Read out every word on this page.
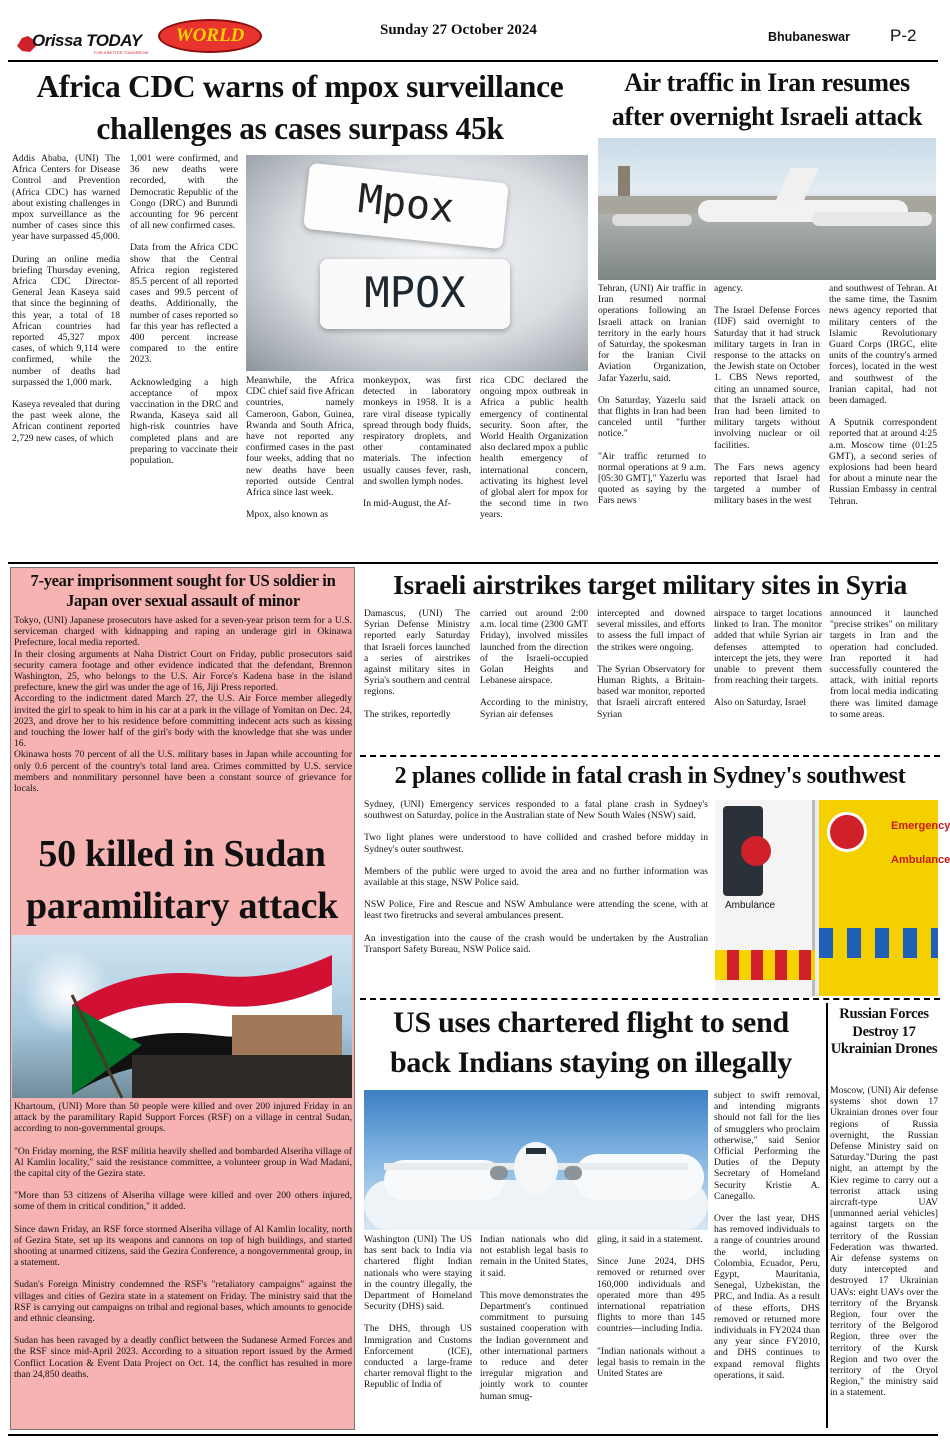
Orissa TODAY
FOR A BETTER TOMORROW
WORLD	Sunday 27 October 2024	Bhubaneswar P-2
Africa CDC warns of mpox surveillance challenges as cases surpass 45k

Addis Ababa, (UNI) The Africa Centers for Disease Control and Prevention (Africa CDC) has warned about existing challenges in mpox surveillance as the number of cases since this year have surpassed 45,000.

During an online media briefing Thursday evening, Africa CDC Director-General Jean Kaseya said that since the beginning of this year, a total of 18 African countries had reported 45,327 mpox cases, of which 9,114 were confirmed, while the number of deaths had surpassed the 1,000 mark.

Kaseya revealed that during the past week alone, the African continent reported 2,729 new cases, of which

1,001 were confirmed, and 36 new deaths were recorded, with the Democratic Republic of the Congo (DRC) and Burundi accounting for 96 percent of all new confirmed cases.

Data from the Africa CDC show that the Central Africa region registered 85.5 percent of all reported cases and 99.5 percent of deaths. Additionally, the number of cases reported so far this year has reflected a 400 percent increase compared to the entire 2023.

Acknowledging a high acceptance of mpox vaccination in the DRC and Rwanda, Kaseya said all high-risk countries have completed plans and are preparing to vaccinate their population.

Mpox
MPOX

Meanwhile, the Africa CDC chief said five African countries, namely Cameroon, Gabon, Guinea, Rwanda and South Africa, have not reported any confirmed cases in the past four weeks, adding that no new deaths have been reported outside Central Africa since last week.

Mpox, also known as

monkeypox, was first detected in laboratory monkeys in 1958. It is a rare viral disease typically spread through body fluids, respiratory droplets, and other contaminated materials. The infection usually causes fever, rash, and swollen lymph nodes.

In mid-August, the Af-

rica CDC declared the ongoing mpox outbreak in Africa a public health emergency of continental security. Soon after, the World Health Organization also declared mpox a public health emergency of international concern, activating its highest level of global alert for mpox for the second time in two years.

Air traffic in Iran resumes after overnight Israeli attack

Tehran, (UNI) Air traffic in Iran resumed normal operations following an Israeli attack on Iranian territory in the early hours of Saturday, the spokesman for the Iranian Civil Aviation Organization, Jafar Yazerlu, said.

On Saturday, Yazerlu said that flights in Iran had been canceled until "further notice."

"Air traffic returned to normal operations at 9 a.m. [05:30 GMT]," Yazerlu was quoted as saying by the Fars news

agency.

The Israel Defense Forces (IDF) said overnight to Saturday that it had struck military targets in Iran in response to the attacks on the Jewish state on October 1. CBS News reported, citing an unnamed source, that the Israeli attack on Iran had been limited to military targets without involving nuclear or oil facilities.

The Fars news agency reported that Israel had targeted a number of military bases in the west

and southwest of Tehran. At the same time, the Tasnim news agency reported that military centers of the Islamic Revolutionary Guard Corps (IRGC, elite units of the country's armed forces), located in the west and southwest of the Iranian capital, had not been damaged.

A Sputnik correspondent reported that at around 4:25 a.m. Moscow time (01:25 GMT), a second series of explosions had been heard for about a minute near the Russian Embassy in central Tehran.

7-year imprisonment sought for US soldier in Japan over sexual assault of minor
Tokyo, (UNI) Japanese prosecutors have asked for a seven-year prison term for a U.S. serviceman charged with kidnapping and raping an underage girl in Okinawa Prefecture, local media reported.
In their closing arguments at Naha District Court on Friday, public prosecutors said security camera footage and other evidence indicated that the defendant, Brennon Washington, 25, who belongs to the U.S. Air Force's Kadena base in the island prefecture, knew the girl was under the age of 16, Jiji Press reported.
According to the indictment dated March 27, the U.S. Air Force member allegedly invited the girl to speak to him in his car at a park in the village of Yomitan on Dec. 24, 2023, and drove her to his residence before committing indecent acts such as kissing and touching the lower half of the girl's body with the knowledge that she was under 16.
Okinawa hosts 70 percent of all the U.S. military bases in Japan while accounting for only 0.6 percent of the country's total land area. Crimes committed by U.S. service members and nonmilitary personnel have been a constant source of grievance for locals.
50 killed in Sudan paramilitary attack

Khartoum, (UNI) More than 50 people were killed and over 200 injured Friday in an attack by the paramilitary Rapid Support Forces (RSF) on a village in central Sudan, according to non-governmental groups.

"On Friday morning, the RSF militia heavily shelled and bombarded Alseriha village of Al Kamlin locality," said the resistance committee, a volunteer group in Wad Madani, the capital city of the Gezira state.

"More than 53 citizens of Alseriha village were killed and over 200 others injured, some of them in critical condition," it added.

Since dawn Friday, an RSF force stormed Alseriha village of Al Kamlin locality, north of Gezira State, set up its weapons and cannons on top of high buildings, and started shooting at unarmed citizens, said the Gezira Conference, a nongovernmental group, in a statement.

Sudan's Foreign Ministry condemned the RSF's "retaliatory campaigns" against the villages and cities of Gezira state in a statement on Friday. The ministry said that the RSF is carrying out campaigns on tribal and regional bases, which amounts to genocide and ethnic cleansing.

Sudan has been ravaged by a deadly conflict between the Sudanese Armed Forces and the RSF since mid-April 2023. According to a situation report issued by the Armed Conflict Location & Event Data Project on Oct. 14, the conflict has resulted in more than 24,850 deaths.

Israeli airstrikes target military sites in Syria

Damascus, (UNI) The Syrian Defense Ministry reported early Saturday that Israeli forces launched a series of airstrikes against military sites in Syria's southern and central regions.

The strikes, reportedly

carried out around 2:00 a.m. local time (2300 GMT Friday), involved missiles launched from the direction of the Israeli-occupied Golan Heights and Lebanese airspace.

According to the ministry, Syrian air defenses

intercepted and downed several missiles, and efforts to assess the full impact of the strikes were ongoing.

The Syrian Observatory for Human Rights, a Britain-based war monitor, reported that Israeli aircraft entered Syrian

airspace to target locations linked to Iran. The monitor added that while Syrian air defenses attempted to intercept the jets, they were unable to prevent them from reaching their targets.

Also on Saturday, Israel

announced it launched "precise strikes" on military targets in Iran and the operation had concluded. Iran reported it had successfully countered the attack, with initial reports from local media indicating there was limited damage to some areas.

2 planes collide in fatal crash in Sydney's southwest

Sydney, (UNI) Emergency services responded to a fatal plane crash in Sydney's southwest on Saturday, police in the Australian state of New South Wales (NSW) said.

Two light planes were understood to have collided and crashed before midday in Sydney's outer southwest.

Members of the public were urged to avoid the area and no further information was available at this stage, NSW Police said.

NSW Police, Fire and Rescue and NSW Ambulance were attending the scene, with at least two firetrucks and several ambulances present.

An investigation into the cause of the crash would be undertaken by the Australian Transport Safety Bureau, NSW Police said.

Ambulance
Emergency
Ambulance
US uses chartered flight to send back Indians staying on illegally

Washington (UNI) The US has sent back to India via chartered flight Indian nationals who were staying in the country illegally, the Department of Homeland Security (DHS) said.

The DHS, through US Immigration and Customs Enforcement (ICE), conducted a large-frame charter removal flight to the Republic of India of

Indian nationals who did not establish legal basis to remain in the United States, it said.

This move demonstrates the Department's continued commitment to pursuing sustained cooperation with the Indian government and other international partners to reduce and deter irregular migration and jointly work to counter human smug-

gling, it said in a statement.

Since June 2024, DHS removed or returned over 160,000 individuals and operated more than 495 international repatriation flights to more than 145 countries—including India.

"Indian nationals without a legal basis to remain in the United States are

subject to swift removal, and intending migrants should not fall for the lies of smugglers who proclaim otherwise," said Senior Official Performing the Duties of the Deputy Secretary of Homeland Security Kristie A. Canegallo.

Over the last year, DHS has removed individuals to a range of countries around the world, including Colombia, Ecuador, Peru, Egypt, Mauritania, Senegal, Uzbekistan, the PRC, and India. As a result of these efforts, DHS removed or returned more individuals in FY2024 than any year since FY2010, and DHS continues to expand removal flights operations, it said.

Russian Forces Destroy 17 Ukrainian Drones

Moscow, (UNI) Air defense systems shot down 17 Ukrainian drones over four regions of Russia overnight, the Russian Defense Ministry said on Saturday."During the past night, an attempt by the Kiev regime to carry out a terrorist attack using aircraft-type UAV [unmanned aerial vehicles] against targets on the territory of the Russian Federation was thwarted. Air defense systems on duty intercepted and destroyed 17 Ukrainian UAVs: eight UAVs over the territory of the Bryansk Region, four over the territory of the Belgorod Region, three over the territory of the Kursk Region and two over the territory of the Oryol Region," the ministry said in a statement.
